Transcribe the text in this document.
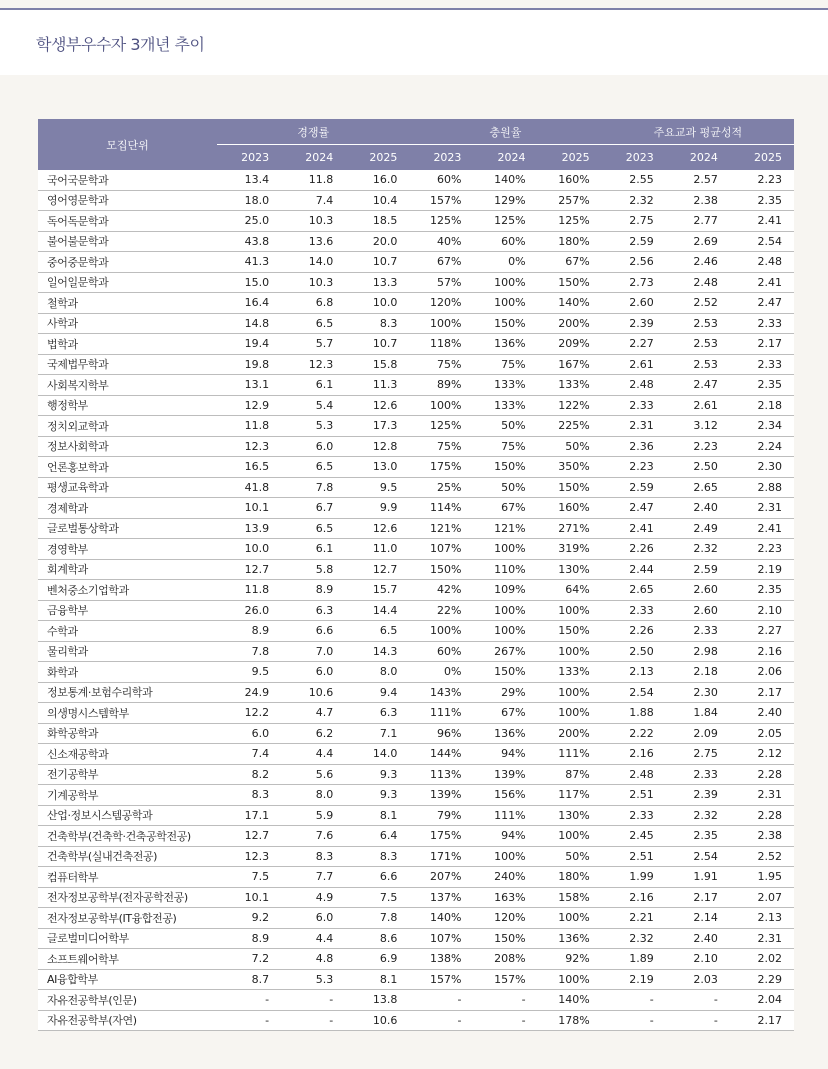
학생부우수자 3개년 추이
모집단위	경쟁률			충원율			주요교과 평균성적		
	2023	2024	2025	2023	2024	2025	2023	2024	2025
국어국문학과	13.4	11.8	16.0	60%	140%	160%	2.55	2.57	2.23
영어영문학과	18.0	7.4	10.4	157%	129%	257%	2.32	2.38	2.35
독어독문학과	25.0	10.3	18.5	125%	125%	125%	2.75	2.77	2.41
불어불문학과	43.8	13.6	20.0	40%	60%	180%	2.59	2.69	2.54
중어중문학과	41.3	14.0	10.7	67%	0%	67%	2.56	2.46	2.48
일어일문학과	15.0	10.3	13.3	57%	100%	150%	2.73	2.48	2.41
철학과	16.4	6.8	10.0	120%	100%	140%	2.60	2.52	2.47
사학과	14.8	6.5	8.3	100%	150%	200%	2.39	2.53	2.33
법학과	19.4	5.7	10.7	118%	136%	209%	2.27	2.53	2.17
국제법무학과	19.8	12.3	15.8	75%	75%	167%	2.61	2.53	2.33
사회복지학부	13.1	6.1	11.3	89%	133%	133%	2.48	2.47	2.35
행정학부	12.9	5.4	12.6	100%	133%	122%	2.33	2.61	2.18
정치외교학과	11.8	5.3	17.3	125%	50%	225%	2.31	3.12	2.34
정보사회학과	12.3	6.0	12.8	75%	75%	50%	2.36	2.23	2.24
언론홍보학과	16.5	6.5	13.0	175%	150%	350%	2.23	2.50	2.30
평생교육학과	41.8	7.8	9.5	25%	50%	150%	2.59	2.65	2.88
경제학과	10.1	6.7	9.9	114%	67%	160%	2.47	2.40	2.31
글로벌통상학과	13.9	6.5	12.6	121%	121%	271%	2.41	2.49	2.41
경영학부	10.0	6.1	11.0	107%	100%	319%	2.26	2.32	2.23
회계학과	12.7	5.8	12.7	150%	110%	130%	2.44	2.59	2.19
벤처중소기업학과	11.8	8.9	15.7	42%	109%	64%	2.65	2.60	2.35
금융학부	26.0	6.3	14.4	22%	100%	100%	2.33	2.60	2.10
수학과	8.9	6.6	6.5	100%	100%	150%	2.26	2.33	2.27
물리학과	7.8	7.0	14.3	60%	267%	100%	2.50	2.98	2.16
화학과	9.5	6.0	8.0	0%	150%	133%	2.13	2.18	2.06
정보통계·보험수리학과	24.9	10.6	9.4	143%	29%	100%	2.54	2.30	2.17
의생명시스템학부	12.2	4.7	6.3	111%	67%	100%	1.88	1.84	2.40
화학공학과	6.0	6.2	7.1	96%	136%	200%	2.22	2.09	2.05
신소재공학과	7.4	4.4	14.0	144%	94%	111%	2.16	2.75	2.12
전기공학부	8.2	5.6	9.3	113%	139%	87%	2.48	2.33	2.28
기계공학부	8.3	8.0	9.3	139%	156%	117%	2.51	2.39	2.31
산업·정보시스템공학과	17.1	5.9	8.1	79%	111%	130%	2.33	2.32	2.28
건축학부(건축학·건축공학전공)	12.7	7.6	6.4	175%	94%	100%	2.45	2.35	2.38
건축학부(실내건축전공)	12.3	8.3	8.3	171%	100%	50%	2.51	2.54	2.52
컴퓨터학부	7.5	7.7	6.6	207%	240%	180%	1.99	1.91	1.95
전자정보공학부(전자공학전공)	10.1	4.9	7.5	137%	163%	158%	2.16	2.17	2.07
전자정보공학부(IT융합전공)	9.2	6.0	7.8	140%	120%	100%	2.21	2.14	2.13
글로벌미디어학부	8.9	4.4	8.6	107%	150%	136%	2.32	2.40	2.31
소프트웨어학부	7.2	4.8	6.9	138%	208%	92%	1.89	2.10	2.02
AI융합학부	8.7	5.3	8.1	157%	157%	100%	2.19	2.03	2.29
자유전공학부(인문)	-	-	13.8	-	-	140%	-	-	2.04
자유전공학부(자연)	-	-	10.6	-	-	178%	-	-	2.17
